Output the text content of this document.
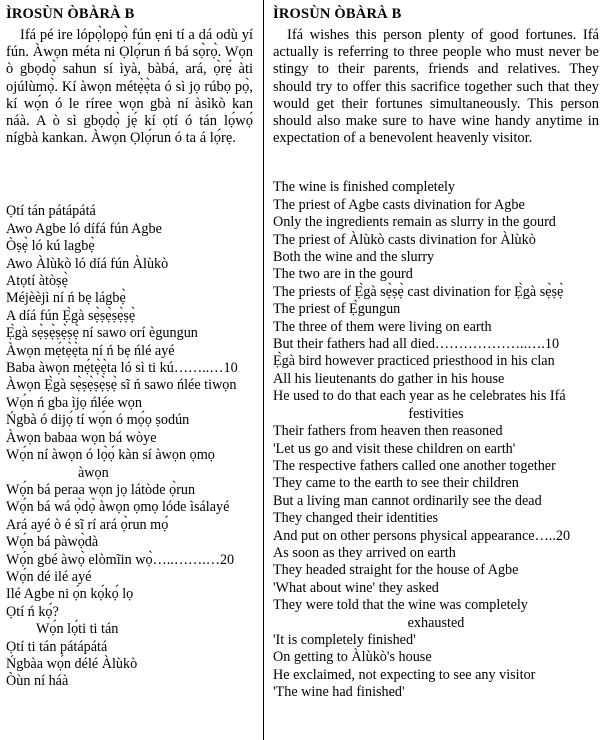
ÌROSÙN ÒBÀRÀ B

Ifá pé ire lópọ̀lọpọ̀ fún ẹni tí a dá odù yí fún. Àwọn méta ni Ọlọ́run ń bá sọ̀rọ̀. Wọn ò gbọdọ̀ sahun sí ìyà, bàbá, ará, ọ̀rẹ́ àti ojúlùmọ̀. Kí àwọn métẹ̀ẹ̀ta ó sì jọ rúbọ pọ̀, kí wọ́n ó le ríree wọn gbà ní àsìkò kan náà. A ò sì gbọdọ̀ jẹ́ kí ọtí ó tán lọ́wọ́ nígbà kankan. Àwọn Ọlọ́run ó ta á lọ́rẹ.

Ọtí tán pátápátá
Awo Agbe ló dífá fún Agbe
Òṣẹ̀ ló kú lagbẹ̀
Awo Àlùkò ló díá fún Àlùkò
Atọtí àtòṣẹ̀
Méjèèjì ní ń bẹ lágbẹ̀
A díá fún Ẹ̀gà sẹ̀ṣẹ̀ṣẹ̀ṣẹ̀
Ẹ̀gà sẹ̀ṣẹ̀ṣẹ̀ṣẹ̀ ní sawo orí ègungun
Àwọn mẹ́tẹ̀ẹ̀ta ní ń bẹ ńlé ayé
Baba àwọn mẹ́tẹ̀ẹ̀ta ló sì ti kú……..…10
Àwọn Ẹ̀gà sẹ̀ṣẹ̀ṣẹ̀ṣẹ̀ sĩ ń sawo ńlée tiwọn
Wọ́n ń gba ìjọ ńlée wọn
Ńgbà ó dijọ́ tí wọ́n ó mọ́ọ ṣodún
Àwọn babaa wọn bá wòye
Wọ́n ní àwọn ó lọ̀ọ́ kàn sí àwọn ọmọ
àwọn
Wọ́n bá peraa wọn jọ látòde ọ̀run
Wọ́n bá wá ọ̀dọ̀ àwọn ọmọ lóde ìsálayé
Ará ayé ò é sĩ rí ará ọ̀run mọ́
Wọ́n bá pàwọ̀dà
Wọ́n gbé àwọ̀ elòmĩin wọ̀…..…….…20
Wọ́n dé ilé ayé
Ilé Agbe ni ọ́n kọ́kọ́ lọ
Ọtí ń kọ́?
Wọ́n lọ́ti ti tán
Ọtí ti tán pátápátá
Ńgbàa wọ́n délé Àlùkò
Òùn ní háà
ÌROSÙN ÒBÀRÀ B

Ifá wishes this person plenty of good fortunes. Ifá actually is referring to three people who must never be stingy to their parents, friends and relatives. They should try to offer this sacrifice together such that they would get their fortunes simultaneously. This person should also make sure to have wine handy anytime in expectation of a benevolent heavenly visitor.

The wine is finished completely
The priest of Agbe casts divination for Agbe
Only the ingredients remain as slurry in the gourd
The priest of Àlùkò casts divination for Àlùkò
Both the wine and the slurry
The two are in the gourd
The priests of Ẹ̀gà sẹ̀ṣẹ̀ cast divination for Ẹ̀gà sẹ̀ṣẹ̀
The priest of Ẹ̀gungun
The three of them were living on earth
But their fathers had all died………………..….10
Ẹ̀gà bird however practiced priesthood in his clan
All his lieutenants do gather in his house
He used to do that each year as he celebrates his Ifá
festivities
Their fathers from heaven then reasoned
'Let us go and visit these children on earth'
The respective fathers called one another together
They came to the earth to see their children
But a living man cannot ordinarily see the dead
They changed their identities
And put on other persons physical appearance…..20
As soon as they arrived on earth
They headed straight for the house of Agbe
'What about wine' they asked
They were told that the wine was completely
exhausted
'It is completely finished'
On getting to Àlùkò's house
He exclaimed, not expecting to see any visitor
'The wine had finished'
